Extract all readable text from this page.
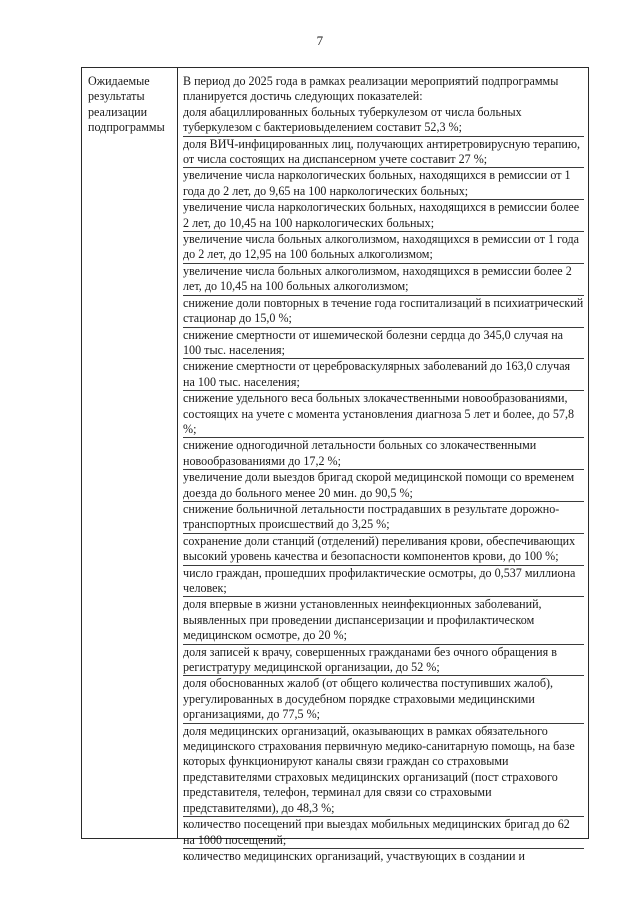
7
Ожидаемые результаты реализации подпрограммы

В период до 2025 года в рамках реализации мероприятий подпрограммы планируется достичь следующих показателей:

доля абациллированных больных туберкулезом от числа больных туберкулезом с бактериовыделением составит 52,3 %;

доля ВИЧ-инфицированных лиц, получающих антиретровирусную терапию, от числа состоящих на диспансерном учете составит 27 %;

увеличение числа наркологических больных, находящихся в ремиссии от 1 года до 2 лет, до 9,65 на 100 наркологических больных;

увеличение числа наркологических больных, находящихся в ремиссии более 2 лет, до 10,45 на 100 наркологических больных;

увеличение числа больных алкоголизмом, находящихся в ремиссии от 1 года до 2 лет, до 12,95 на 100 больных алкоголизмом;

увеличение числа больных алкоголизмом, находящихся в ремиссии более 2 лет, до 10,45 на 100 больных алкоголизмом;

снижение доли повторных в течение года госпитализаций в психиатрический стационар до 15,0 %;

снижение смертности от ишемической болезни сердца до 345,0 случая на 100 тыс. населения;

снижение смертности от цереброваскулярных заболеваний до 163,0 случая на 100 тыс. населения;

снижение удельного веса больных злокачественными новообразованиями, состоящих на учете с момента установления диагноза 5 лет и более, до 57,8 %;

снижение одногодичной летальности больных со злокачественными новообразованиями до 17,2 %;

увеличение доли выездов бригад скорой медицинской помощи со временем доезда до больного менее 20 мин. до 90,5 %;

снижение больничной летальности пострадавших в результате дорожно-транспортных происшествий до 3,25 %;

сохранение доли станций (отделений) переливания крови, обеспечивающих высокий уровень качества и безопасности компонентов крови, до 100 %;

число граждан, прошедших профилактические осмотры, до 0,537 миллиона человек;

доля впервые в жизни установленных неинфекционных заболеваний, выявленных при проведении диспансеризации и профилактическом медицинском осмотре, до 20 %;

доля записей к врачу, совершенных гражданами без очного обращения в регистратуру медицинской организации, до 52 %;

доля обоснованных жалоб (от общего количества поступивших жалоб), урегулированных в досудебном порядке страховыми медицинскими организациями, до 77,5 %;

доля медицинских организаций, оказывающих в рамках обязательного медицинского страхования первичную медико-санитарную помощь, на базе которых функционируют каналы связи граждан со страховыми представителями страховых медицинских организаций (пост страхового представителя, телефон, терминал для связи со страховыми представителями), до 48,3 %;

количество посещений при выездах мобильных медицинских бригад до 62 на 1000 посещений;

количество медицинских организаций, участвующих в создании и
